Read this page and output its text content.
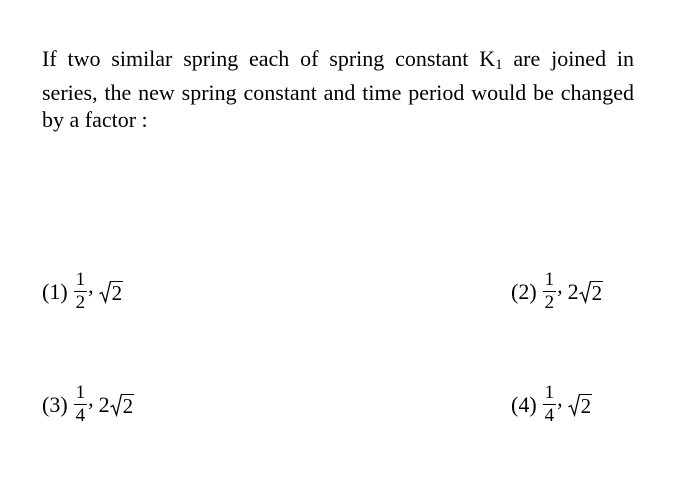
If two similar spring each of spring constant $K_1$ are joined in
series, the new spring constant and time period would be changed
by a factor :
$(1) \frac{1}{2}$ , 2	$(2) \frac{1}{2}$ , 2 2
$(3) \frac{1}{4}$ , 2 2	$(4) \frac{1}{4}$ , 2
